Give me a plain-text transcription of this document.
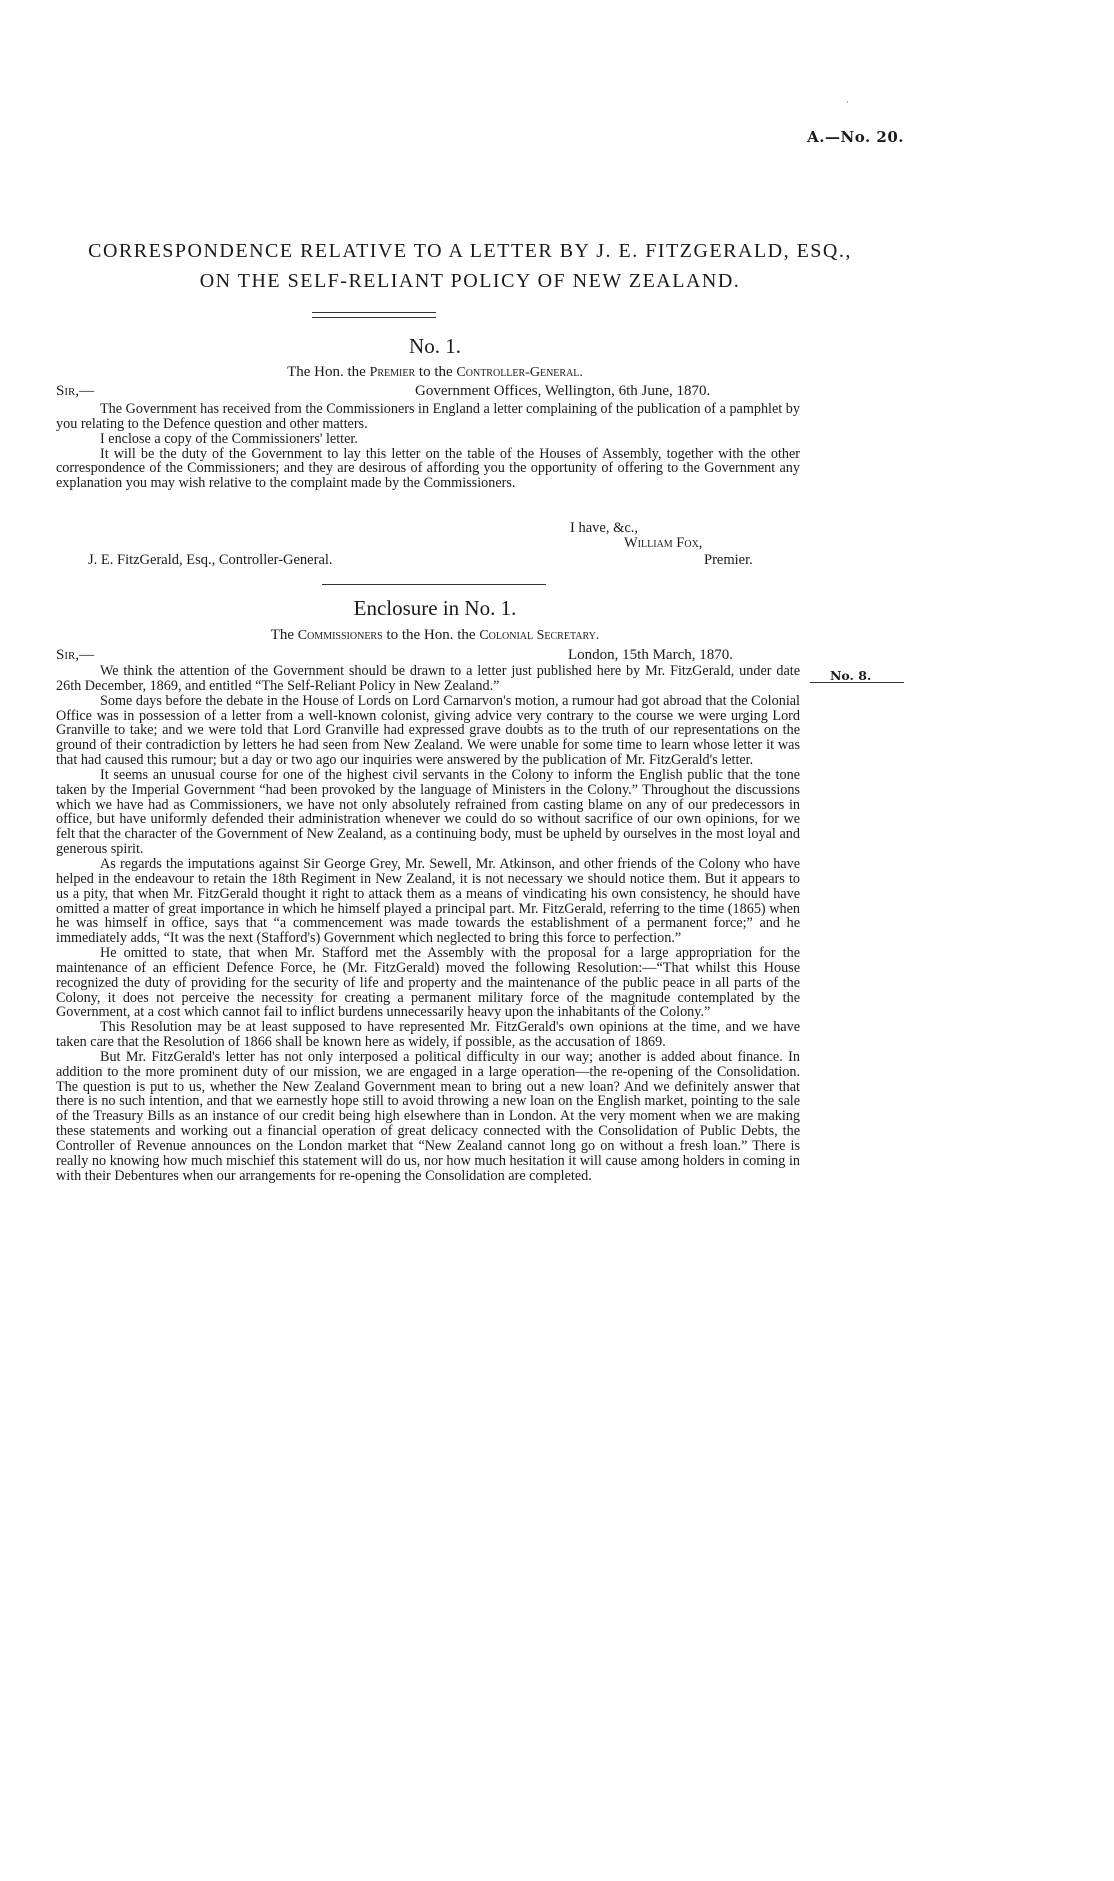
·
A.—No. 20.
CORRESPONDENCE RELATIVE TO A LETTER BY J. E. FITZGERALD, ESQ.,
ON THE SELF-RELIANT POLICY OF NEW ZEALAND.
No. 1.
The Hon. the Premier to the Controller-General.
Sir,—	Government Offices, Wellington, 6th June, 1870.

The Government has received from the Commissioners in England a letter complaining of the publication of a pamphlet by you relating to the Defence question and other matters.

I enclose a copy of the Commissioners' letter.

It will be the duty of the Government to lay this letter on the table of the Houses of Assembly, together with the other correspondence of the Commissioners; and they are desirous of affording you the opportunity of offering to the Government any explanation you may wish relative to the complaint made by the Commissioners.

I have, &c.,
William Fox,
Premier.
J. E. FitzGerald, Esq., Controller-General.
Enclosure in No. 1.
The Commissioners to the Hon. the Colonial Secretary.
Sir,—	London, 15th March, 1870.
No. 8.

We think the attention of the Government should be drawn to a letter just published here by Mr. FitzGerald, under date 26th December, 1869, and entitled “The Self-Reliant Policy in New Zealand.”

Some days before the debate in the House of Lords on Lord Carnarvon's motion, a rumour had got abroad that the Colonial Office was in possession of a letter from a well-known colonist, giving advice very contrary to the course we were urging Lord Granville to take; and we were told that Lord Granville had expressed grave doubts as to the truth of our representations on the ground of their contradiction by letters he had seen from New Zealand. We were unable for some time to learn whose letter it was that had caused this rumour; but a day or two ago our inquiries were answered by the publication of Mr. FitzGerald's letter.

It seems an unusual course for one of the highest civil servants in the Colony to inform the English public that the tone taken by the Imperial Government “had been provoked by the language of Ministers in the Colony.” Throughout the discussions which we have had as Commissioners, we have not only absolutely refrained from casting blame on any of our predecessors in office, but have uniformly defended their administration whenever we could do so without sacrifice of our own opinions, for we felt that the character of the Government of New Zealand, as a continuing body, must be upheld by ourselves in the most loyal and generous spirit.

As regards the imputations against Sir George Grey, Mr. Sewell, Mr. Atkinson, and other friends of the Colony who have helped in the endeavour to retain the 18th Regiment in New Zealand, it is not necessary we should notice them. But it appears to us a pity, that when Mr. FitzGerald thought it right to attack them as a means of vindicating his own consistency, he should have omitted a matter of great importance in which he himself played a principal part. Mr. FitzGerald, referring to the time (1865) when he was himself in office, says that “a commencement was made towards the establishment of a permanent force;” and he immediately adds, “It was the next (Stafford's) Government which neglected to bring this force to perfection.”

He omitted to state, that when Mr. Stafford met the Assembly with the proposal for a large appropriation for the maintenance of an efficient Defence Force, he (Mr. FitzGerald) moved the following Resolution:—“That whilst this House recognized the duty of providing for the security of life and property and the maintenance of the public peace in all parts of the Colony, it does not perceive the necessity for creating a permanent military force of the magnitude contemplated by the Government, at a cost which cannot fail to inflict burdens unnecessarily heavy upon the inhabitants of the Colony.”

This Resolution may be at least supposed to have represented Mr. FitzGerald's own opinions at the time, and we have taken care that the Resolution of 1866 shall be known here as widely, if possible, as the accusation of 1869.

But Mr. FitzGerald's letter has not only interposed a political difficulty in our way; another is added about finance. In addition to the more prominent duty of our mission, we are engaged in a large operation—the re-opening of the Consolidation. The question is put to us, whether the New Zealand Government mean to bring out a new loan? And we definitely answer that there is no such intention, and that we earnestly hope still to avoid throwing a new loan on the English market, pointing to the sale of the Treasury Bills as an instance of our credit being high elsewhere than in London. At the very moment when we are making these statements and working out a financial operation of great delicacy connected with the Consolidation of Public Debts, the Controller of Revenue announces on the London market that “New Zealand cannot long go on without a fresh loan.” There is really no knowing how much mischief this statement will do us, nor how much hesitation it will cause among holders in coming in with their Debentures when our arrangements for re-opening the Consolidation are completed.
